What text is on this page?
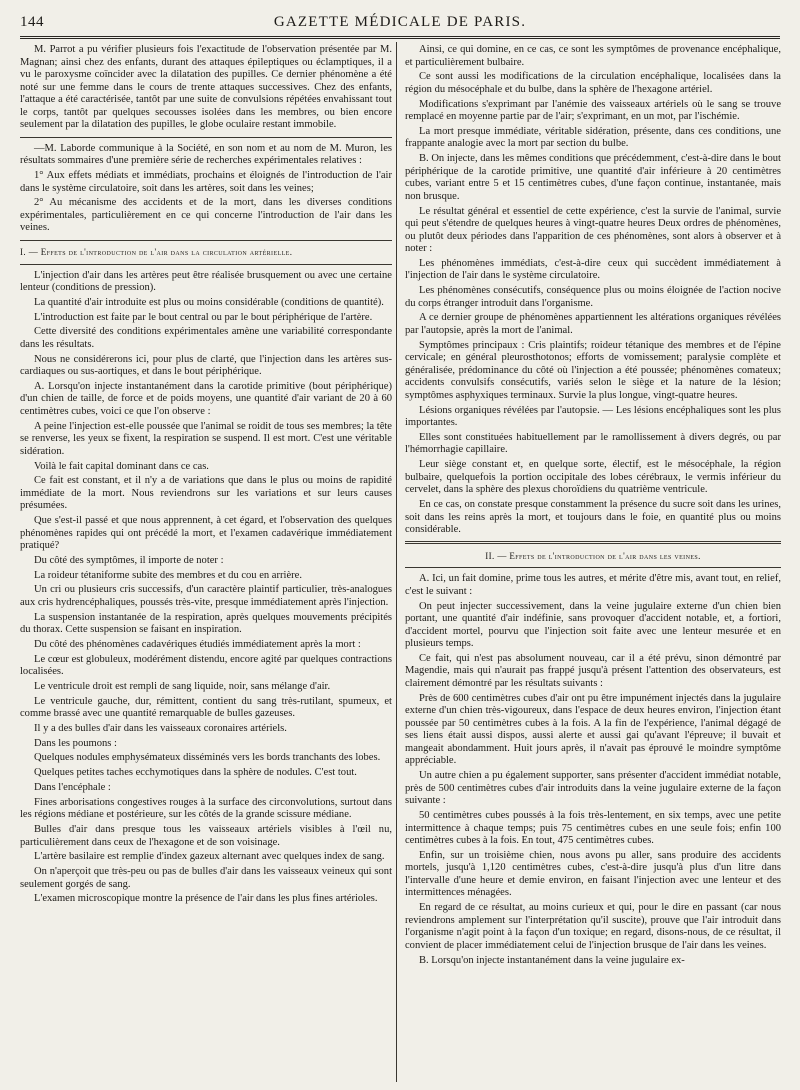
144	GAZETTE MÉDICALE DE PARIS.

M. Parrot a pu vérifier plusieurs fois l'exactitude de l'observation présentée par M. Magnan; ainsi chez des enfants, durant des attaques épileptiques ou éclamptiques, il a vu le paroxysme coïncider avec la dilatation des pupilles. Ce dernier phénomène a été noté sur une femme dans le cours de trente attaques successives. Chez des enfants, l'attaque a été caractérisée, tantôt par une suite de convulsions répétées envahissant tout le corps, tantôt par quelques secousses isolées dans les membres, ou bien encore seulement par la dilatation des pupilles, le globe oculaire restant immobile.

—M. Laborde communique à la Société, en son nom et au nom de M. Muron, les résultats sommaires d'une première série de recherches expérimentales relatives :

1° Aux effets médiats et immédiats, prochains et éloignés de l'introduction de l'air dans le système circulatoire, soit dans les artères, soit dans les veines;

2° Au mécanisme des accidents et de la mort, dans les diverses conditions expérimentales, particulièrement en ce qui concerne l'introduction de l'air dans les veines.

I. — Effets de l'introduction de l'air dans la circulation artérielle.

L'injection d'air dans les artères peut être réalisée brusquement ou avec une certaine lenteur (conditions de pression).

La quantité d'air introduite est plus ou moins considérable (conditions de quantité).

L'introduction est faite par le bout central ou par le bout périphérique de l'artère.

Cette diversité des conditions expérimentales amène une variabilité correspondante dans les résultats.

Nous ne considérerons ici, pour plus de clarté, que l'injection dans les artères sus-cardiaques ou sus-aortiques, et dans le bout périphérique.

A. Lorsqu'on injecte instantanément dans la carotide primitive (bout périphérique) d'un chien de taille, de force et de poids moyens, une quantité d'air variant de 20 à 60 centimètres cubes, voici ce que l'on observe :

A peine l'injection est-elle poussée que l'animal se roidit de tous ses membres; la tête se renverse, les yeux se fixent, la respiration se suspend. Il est mort. C'est une véritable sidération.

Voilà le fait capital dominant dans ce cas.

Ce fait est constant, et il n'y a de variations que dans le plus ou moins de rapidité immédiate de la mort. Nous reviendrons sur les variations et sur leurs causes présumées.

Que s'est-il passé et que nous apprennent, à cet égard, et l'observation des quelques phénomènes rapides qui ont précédé la mort, et l'examen cadavérique immédiatement pratiqué?

Du côté des symptômes, il importe de noter :

La roideur tétaniforme subite des membres et du cou en arrière.

Un cri ou plusieurs cris successifs, d'un caractère plaintif particulier, très-analogues aux cris hydrencéphaliques, poussés très-vite, presque immédiatement après l'injection.

La suspension instantanée de la respiration, après quelques mouvements précipités du thorax. Cette suspension se faisant en inspiration.

Du côté des phénomènes cadavériques étudiés immédiatement après la mort :

Le cœur est globuleux, modérément distendu, encore agité par quelques contractions localisées.

Le ventricule droit est rempli de sang liquide, noir, sans mélange d'air.

Le ventricule gauche, dur, rémittent, contient du sang très-rutilant, spumeux, et comme brassé avec une quantité remarquable de bulles gazeuses.

Il y a des bulles d'air dans les vaisseaux coronaires artériels.

Dans les poumons :

Quelques nodules emphysémateux disséminés vers les bords tranchants des lobes.

Quelques petites taches ecchymotiques dans la sphère de nodules. C'est tout.

Dans l'encéphale :

Fines arborisations congestives rouges à la surface des circonvolutions, surtout dans les régions médiane et postérieure, sur les côtés de la grande scissure médiane.

Bulles d'air dans presque tous les vaisseaux artériels visibles à l'œil nu, particulièrement dans ceux de l'hexagone et de son voisinage.

L'artère basilaire est remplie d'index gazeux alternant avec quelques index de sang.

On n'aperçoit que très-peu ou pas de bulles d'air dans les vaisseaux veineux qui sont seulement gorgés de sang.

L'examen microscopique montre la présence de l'air dans les plus fines artérioles.

Ainsi, ce qui domine, en ce cas, ce sont les symptômes de provenance encéphalique, et particulièrement bulbaire.

Ce sont aussi les modifications de la circulation encéphalique, localisées dans la région du mésocéphale et du bulbe, dans la sphère de l'hexagone artériel.

Modifications s'exprimant par l'anémie des vaisseaux artériels où le sang se trouve remplacé en moyenne partie par de l'air; s'exprimant, en un mot, par l'ischémie.

La mort presque immédiate, véritable sidération, présente, dans ces conditions, une frappante analogie avec la mort par section du bulbe.

B. On injecte, dans les mêmes conditions que précédemment, c'est-à-dire dans le bout périphérique de la carotide primitive, une quantité d'air inférieure à 20 centimètres cubes, variant entre 5 et 15 centimètres cubes, d'une façon continue, instantanée, mais non brusque.

Le résultat général et essentiel de cette expérience, c'est la survie de l'animal, survie qui peut s'étendre de quelques heures à vingt-quatre heures Deux ordres de phénomènes, ou plutôt deux périodes dans l'apparition de ces phénomènes, sont alors à observer et à noter :

Les phénomènes immédiats, c'est-à-dire ceux qui succèdent immédiatement à l'injection de l'air dans le système circulatoire.

Les phénomènes consécutifs, conséquence plus ou moins éloignée de l'action nocive du corps étranger introduit dans l'organisme.

A ce dernier groupe de phénomènes appartiennent les altérations organiques révélées par l'autopsie, après la mort de l'animal.

Symptômes principaux : Cris plaintifs; roideur tétanique des membres et de l'épine cervicale; en général pleurosthotonos; efforts de vomissement; paralysie complète et généralisée, prédominance du côté où l'injection a été poussée; phénomènes comateux; accidents convulsifs consécutifs, variés selon le siège et la nature de la lésion; symptômes asphyxiques terminaux. Survie la plus longue, vingt-quatre heures.

Lésions organiques révélées par l'autopsie. — Les lésions encéphaliques sont les plus importantes.

Elles sont constituées habituellement par le ramollissement à divers degrés, ou par l'hémorrhagie capillaire.

Leur siège constant et, en quelque sorte, électif, est le mésocéphale, la région bulbaire, quelquefois la portion occipitale des lobes cérébraux, le vermis inférieur du cervelet, dans la sphère des plexus choroïdiens du quatrième ventricule.

En ce cas, on constate presque constamment la présence du sucre soit dans les urines, soit dans les reins après la mort, et toujours dans le foie, en quantité plus ou moins considérable.

II. — Effets de l'introduction de l'air dans les veines.

A. Ici, un fait domine, prime tous les autres, et mérite d'être mis, avant tout, en relief, c'est le suivant :

On peut injecter successivement, dans la veine jugulaire externe d'un chien bien portant, une quantité d'air indéfinie, sans provoquer d'accident notable, et, a fortiori, d'accident mortel, pourvu que l'injection soit faite avec une lenteur mesurée et en plusieurs temps.

Ce fait, qui n'est pas absolument nouveau, car il a été prévu, sinon démontré par Magendie, mais qui n'aurait pas frappé jusqu'à présent l'attention des observateurs, est clairement démontré par les résultats suivants :

Près de 600 centimètres cubes d'air ont pu être impunément injectés dans la jugulaire externe d'un chien très-vigoureux, dans l'espace de deux heures environ, l'injection étant poussée par 50 centimètres cubes à la fois. A la fin de l'expérience, l'animal dégagé de ses liens était aussi dispos, aussi alerte et aussi gai qu'avant l'épreuve; il buvait et mangeait abondamment. Huit jours après, il n'avait pas éprouvé le moindre symptôme appréciable.

Un autre chien a pu également supporter, sans présenter d'accident immédiat notable, près de 500 centimètres cubes d'air introduits dans la veine jugulaire externe de la façon suivante :

50 centimètres cubes poussés à la fois très-lentement, en six temps, avec une petite intermittence à chaque temps; puis 75 centimètres cubes en une seule fois; enfin 100 centimètres cubes à la fois. En tout, 475 centimètres cubes.

Enfin, sur un troisième chien, nous avons pu aller, sans produire des accidents mortels, jusqu'à 1,120 centimètres cubes, c'est-à-dire jusqu'à plus d'un litre dans l'intervalle d'une heure et demie environ, en faisant l'injection avec une lenteur et des intermittences ménagées.

En regard de ce résultat, au moins curieux et qui, pour le dire en passant (car nous reviendrons amplement sur l'interprétation qu'il suscite), prouve que l'air introduit dans l'organisme n'agit point à la façon d'un toxique; en regard, disons-nous, de ce résultat, il convient de placer immédiatement celui de l'injection brusque de l'air dans les veines.

B. Lorsqu'on injecte instantanément dans la veine jugulaire ex-
